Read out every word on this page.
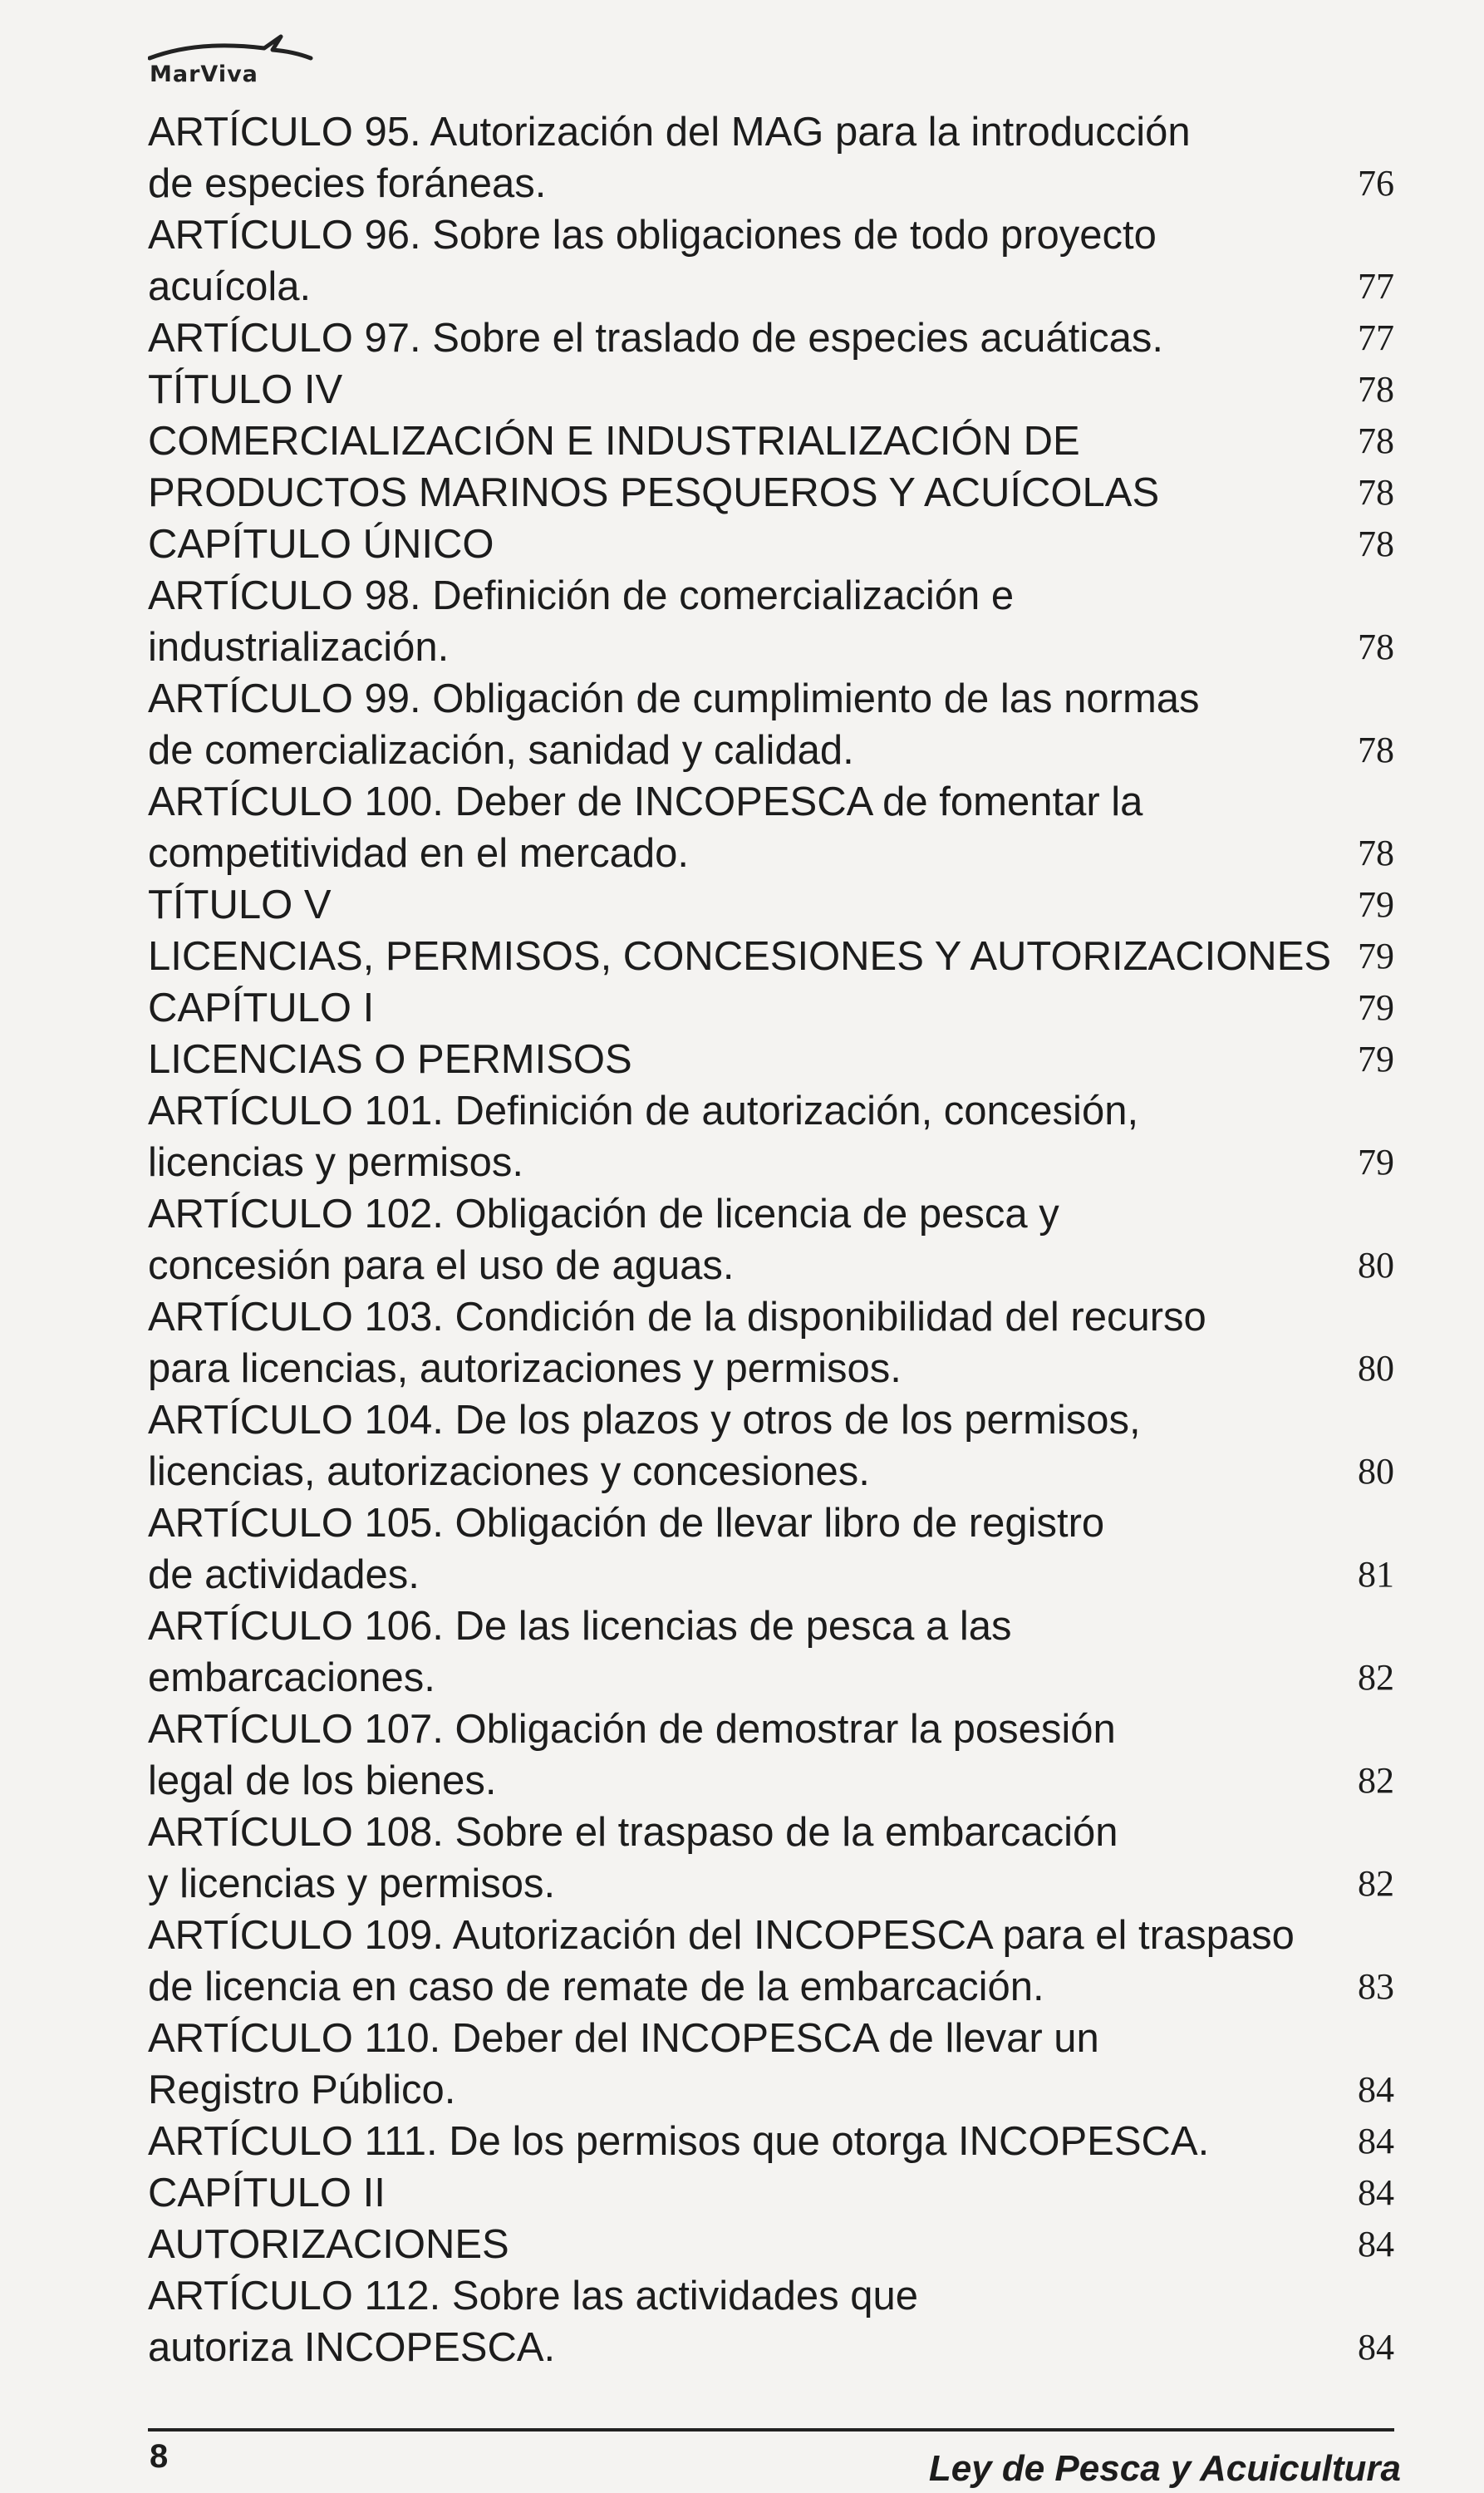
MarViva
ARTÍCULO 95. Autorización del MAG para la introducción
de especies foráneas.	76
ARTÍCULO 96. Sobre las obligaciones de todo proyecto
acuícola.	77
ARTÍCULO 97. Sobre el traslado de especies acuáticas.	77
TÍTULO IV	78
COMERCIALIZACIÓN E INDUSTRIALIZACIÓN DE	78
PRODUCTOS MARINOS PESQUEROS Y ACUÍCOLAS	78
CAPÍTULO ÚNICO	78
ARTÍCULO 98. Definición de comercialización e
industrialización.	78
ARTÍCULO 99. Obligación de cumplimiento de las normas
de comercialización, sanidad y calidad.	78
ARTÍCULO 100. Deber de INCOPESCA de fomentar la
competitividad en el mercado.	78
TÍTULO V	79
LICENCIAS, PERMISOS, CONCESIONES Y AUTORIZACIONES 79
CAPÍTULO I	79
LICENCIAS O PERMISOS	79
ARTÍCULO 101. Definición de autorización, concesión,
licencias y permisos.	79
ARTÍCULO 102. Obligación de licencia de pesca y
concesión para el uso de aguas.	80
ARTÍCULO 103. Condición de la disponibilidad del recurso
para licencias, autorizaciones y permisos.	80
ARTÍCULO 104. De los plazos y otros de los permisos,
licencias, autorizaciones y concesiones.	80
ARTÍCULO 105. Obligación de llevar libro de registro
de actividades.	81
ARTÍCULO 106. De las licencias de pesca a las
embarcaciones.	82
ARTÍCULO 107. Obligación de demostrar la posesión
legal de los bienes.	82
ARTÍCULO 108. Sobre el traspaso de la embarcación
y licencias y permisos.	82
ARTÍCULO 109. Autorización del INCOPESCA para el traspaso
de licencia en caso de remate de la embarcación.	83
ARTÍCULO 110. Deber del INCOPESCA de llevar un
Registro Público.	84
ARTÍCULO 111. De los permisos que otorga INCOPESCA.	84
CAPÍTULO II	84
AUTORIZACIONES	84
ARTÍCULO 112. Sobre las actividades que
autoriza INCOPESCA.	84
8	Ley de Pesca y Acuicultura
